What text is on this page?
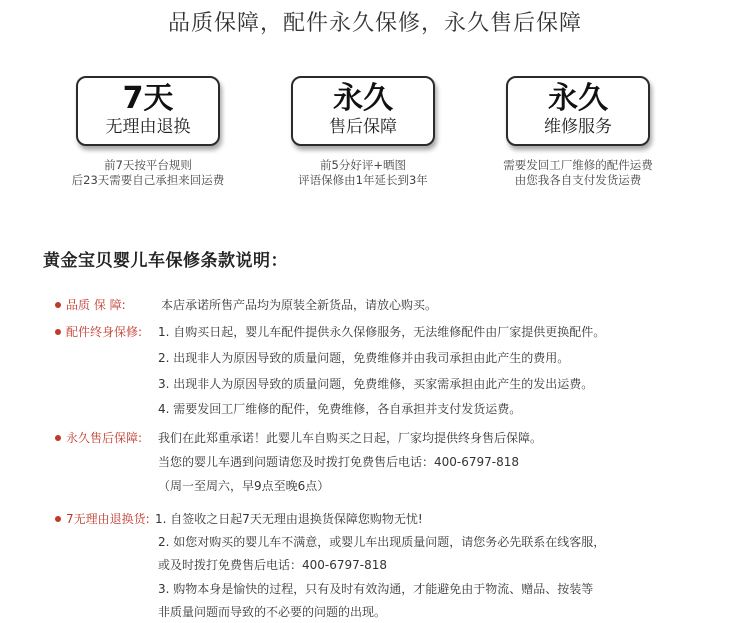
品质保障，配件永久保修，永久售后保障
7天
无理由退换
前7天按平台规则
后23天需要自己承担来回运费
永久
售后保障
前5分好评+晒图
评语保修由1年延长到3年
永久
维修服务
需要发回工厂维修的配件运费
由您我各自支付发货运费
黄金宝贝婴儿车保修条款说明：
品质 保 障:	本店承诺所售产品均为原装全新货品，请放心购买。
配件终身保修: 1. 自购买日起，婴儿车配件提供永久保修服务，无法维修配件由厂家提供更换配件。
2. 出现非人为原因导致的质量问题，免费维修并由我司承担由此产生的费用。
3. 出现非人为原因导致的质量问题，免费维修，买家需承担由此产生的发出运费。
4. 需要发回工厂维修的配件，免费维修，各自承担并支付发货运费。
永久售后保障: 我们在此郑重承诺！此婴儿车自购买之日起，厂家均提供终身售后保障。
当您的婴儿车遇到问题请您及时拨打免费售后电话：400-6797-818
（周一至周六，早9点至晚6点）
7无理由退换货: 1. 自签收之日起7天无理由退换货保障您购物无忧!
2. 如您对购买的婴儿车不满意，或婴儿车出现质量问题，请您务必先联系在线客服，
或及时拨打免费售后电话：400-6797-818
3. 购物本身是愉快的过程，只有及时有效沟通，才能避免由于物流、赠品、按装等
非质量问题而导致的不必要的问题的出现。
